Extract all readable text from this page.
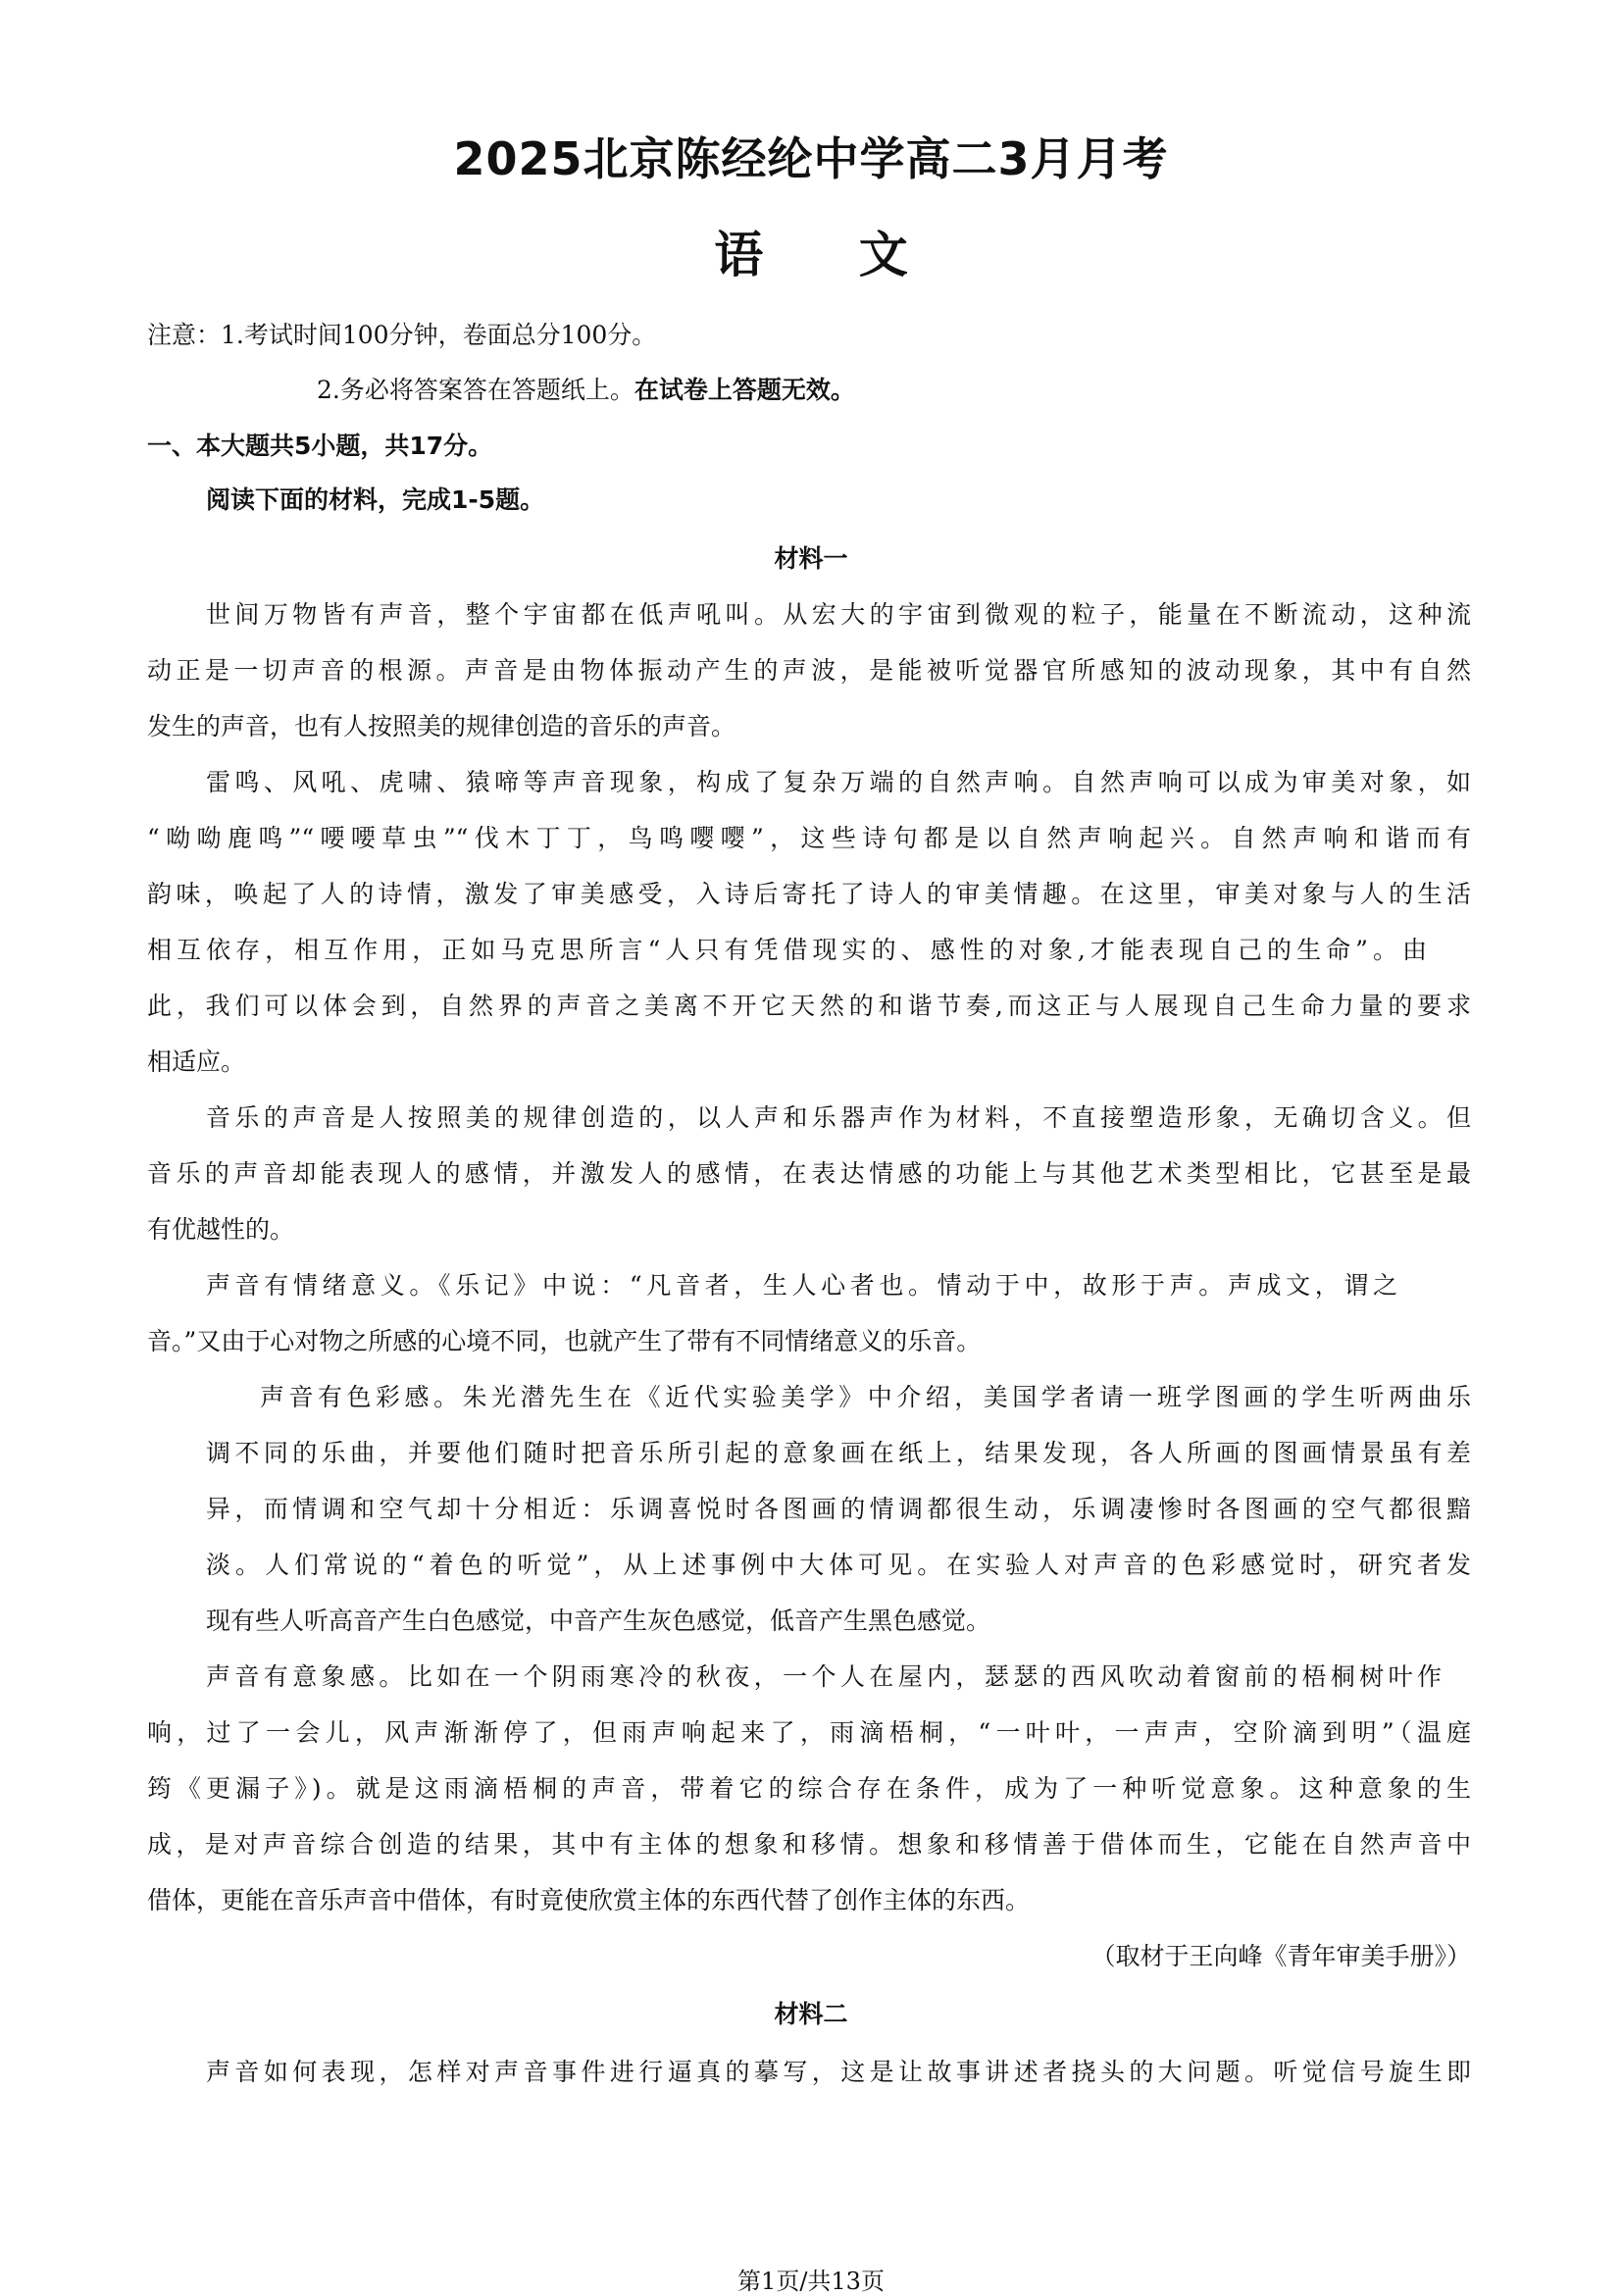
2025北京陈经纶中学高二3月月考
语 文
注意：1.考试时间100分钟，卷面总分100分。
2.务必将答案答在答题纸上。在试卷上答题无效。
一、本大题共5小题，共17分。
阅读下面的材料，完成1-5题。
材料一
世间万物皆有声音，整个宇宙都在低声吼叫。从宏大的宇宙到微观的粒子，能量在不断流动，这种流
动正是一切声音的根源。声音是由物体振动产生的声波，是能被听觉器官所感知的波动现象，其中有自然
发生的声音，也有人按照美的规律创造的音乐的声音。
雷鸣、风吼、虎啸、猿啼等声音现象，构成了复杂万端的自然声响。自然声响可以成为审美对象，如
“呦呦鹿鸣”“喓喓草虫”“伐木丁丁，鸟鸣嘤嘤”，这些诗句都是以自然声响起兴。自然声响和谐而有
韵味，唤起了人的诗情，激发了审美感受，入诗后寄托了诗人的审美情趣。在这里，审美对象与人的生活
相互依存，相互作用，正如马克思所言“人只有凭借现实的、感性的对象,才能表现自己的生命”。由
此，我们可以体会到，自然界的声音之美离不开它天然的和谐节奏,而这正与人展现自己生命力量的要求
相适应。
音乐的声音是人按照美的规律创造的，以人声和乐器声作为材料，不直接塑造形象，无确切含义。但
音乐的声音却能表现人的感情，并激发人的感情，在表达情感的功能上与其他艺术类型相比，它甚至是最
有优越性的。
声音有情绪意义。《乐记》中说：“凡音者，生人心者也。情动于中，故形于声。声成文，谓之
音。”又由于心对物之所感的心境不同，也就产生了带有不同情绪意义的乐音。
声音有色彩感。朱光潜先生在《近代实验美学》中介绍，美国学者请一班学图画的学生听两曲乐
调不同的乐曲，并要他们随时把音乐所引起的意象画在纸上，结果发现，各人所画的图画情景虽有差
异，而情调和空气却十分相近：乐调喜悦时各图画的情调都很生动，乐调凄惨时各图画的空气都很黯
淡。人们常说的“着色的听觉”，从上述事例中大体可见。在实验人对声音的色彩感觉时，研究者发
现有些人听高音产生白色感觉，中音产生灰色感觉，低音产生黑色感觉。
声音有意象感。比如在一个阴雨寒冷的秋夜，一个人在屋内，瑟瑟的西风吹动着窗前的梧桐树叶作
响，过了一会儿，风声渐渐停了，但雨声响起来了，雨滴梧桐，“一叶叶，一声声，空阶滴到明”（温庭
筠《更漏子》)。就是这雨滴梧桐的声音，带着它的综合存在条件，成为了一种听觉意象。这种意象的生
成，是对声音综合创造的结果，其中有主体的想象和移情。想象和移情善于借体而生，它能在自然声音中
借体，更能在音乐声音中借体，有时竟使欣赏主体的东西代替了创作主体的东西。
（取材于王向峰《青年审美手册》）
材料二
声音如何表现，怎样对声音事件进行逼真的摹写，这是让故事讲述者挠头的大问题。听觉信号旋生即
第1页/共13页
